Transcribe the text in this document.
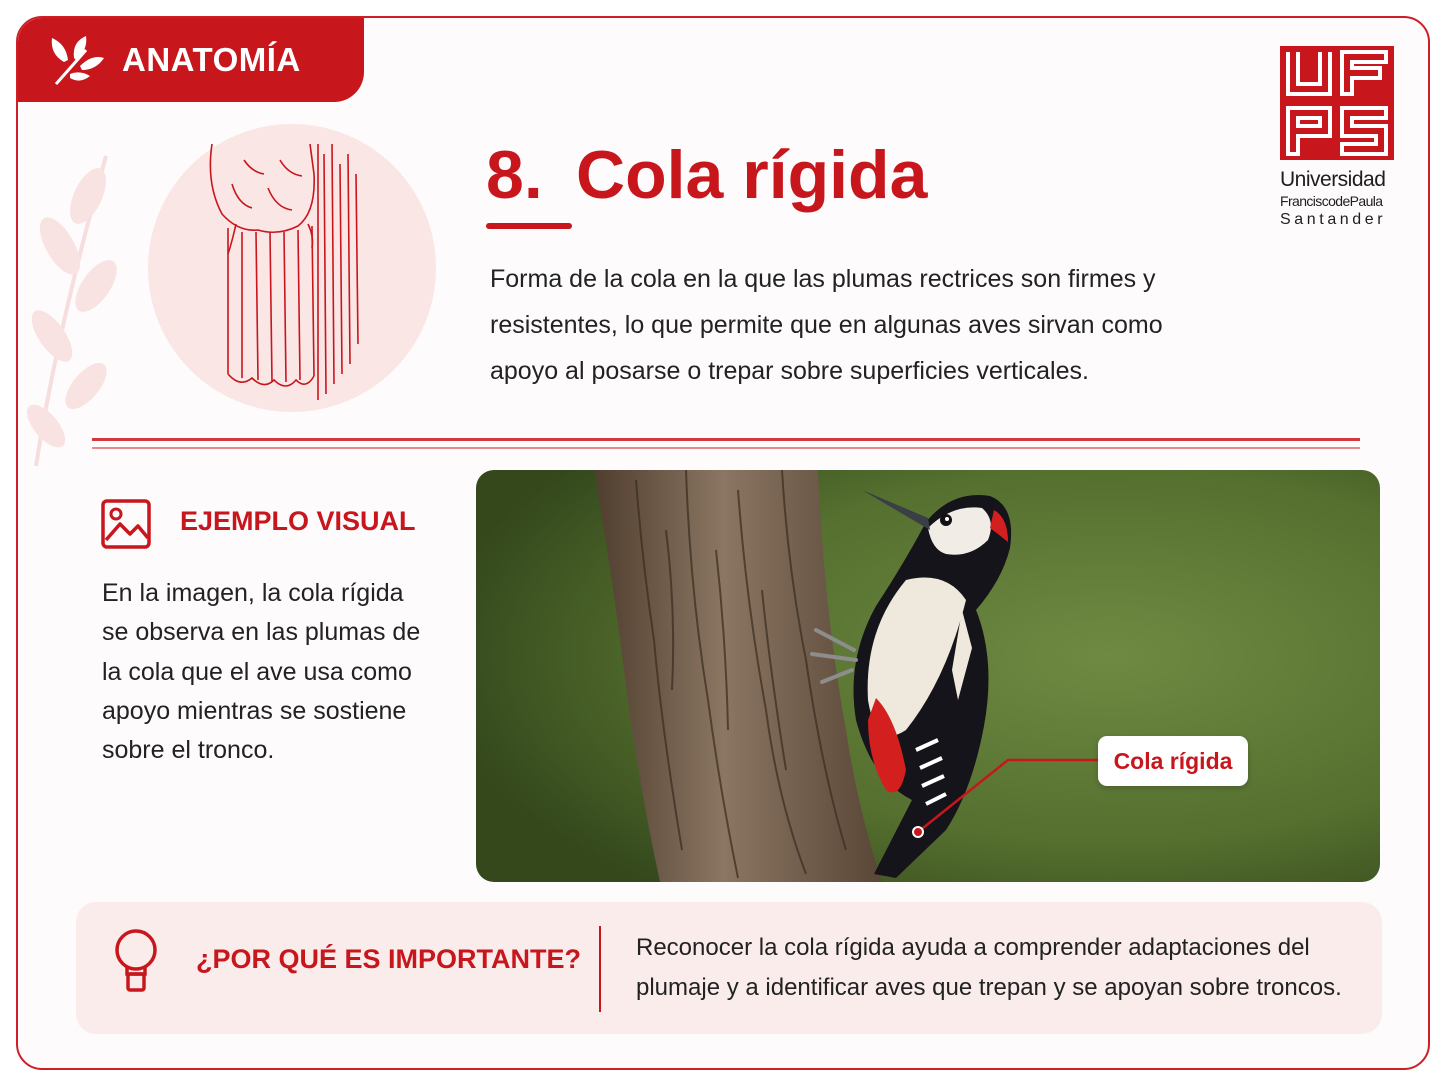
ANATOMÍA
8. Cola rígida

Forma de la cola en la que las plumas rectrices son firmes y resistentes, lo que permite que en algunas aves sirvan como apoyo al posarse o trepar sobre superficies verticales.

Universidad
FranciscodePaula
Santander
EJEMPLO VISUAL

En la imagen, la cola rígida se observa en las plumas de la cola que el ave usa como apoyo mientras se sostiene sobre el tronco.	Cola rígida
¿POR QUÉ ES IMPORTANTE? Reconocer la cola rígida ayuda a comprender adaptaciones del plumaje y a identificar aves que trepan y se apoyan sobre troncos.
